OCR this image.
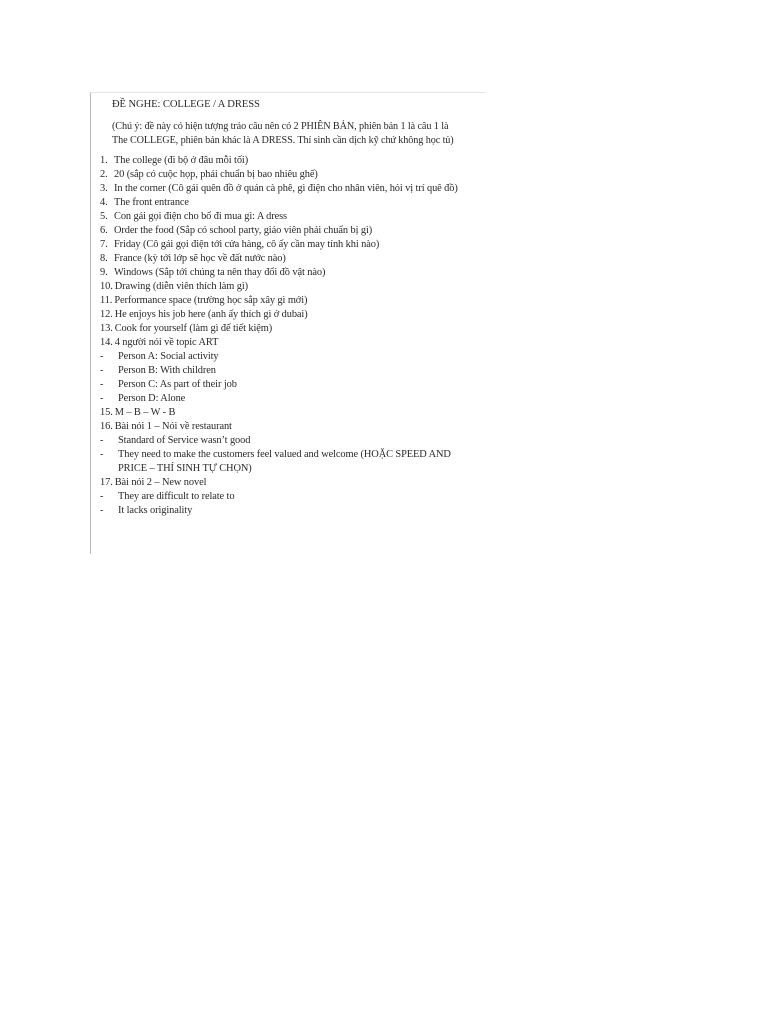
ĐỀ NGHE: COLLEGE / A DRESS
(Chú ý: đề này có hiện tượng tráo câu nên có 2 PHIÊN BẢN, phiên bản 1 là câu 1 là The COLLEGE, phiên bản khác là A DRESS. Thí sinh cần dịch kỹ chứ không học tủ)
1. The college (đi bộ ở đâu mỗi tối)
2. 20 (sắp có cuộc họp, phải chuẩn bị bao nhiêu ghế)
3. In the corner (Cô gái quên đồ ở quán cà phê, gì điện cho nhân viên, hỏi vị trí quê đồ)
4. The front entrance
5. Con gái gọi điện cho bố đi mua gì: A dress
6. Order the food (Sắp có school party, giáo viên phải chuẩn bị gì)
7. Friday (Cô gái gọi điện tới cửa hàng, cô ấy cần may tính khi nào)
8. France (kỳ tới lớp sẽ học về đất nước nào)
9. Windows (Sắp tới chúng ta nên thay đổi đồ vật nào)
10. Drawing (diễn viên thích làm gì)
11. Performance space (trường học sắp xây gì mới)
12. He enjoys his job here (anh ấy thích gì ở dubai)
13. Cook for yourself (làm gì để tiết kiệm)
14. 4 người nói về topic ART
-	Person A: Social activity
-	Person B: With children
-	Person C: As part of their job
-	Person D: Alone
15. M – B – W - B
16. Bài nói 1 – Nói về restaurant
-	Standard of Service wasn’t good
-	They need to make the customers feel valued and welcome (HOẶC SPEED AND PRICE – THÍ SINH TỰ CHỌN)
17. Bài nói 2 – New novel
-	They are difficult to relate to
-	It lacks originality
